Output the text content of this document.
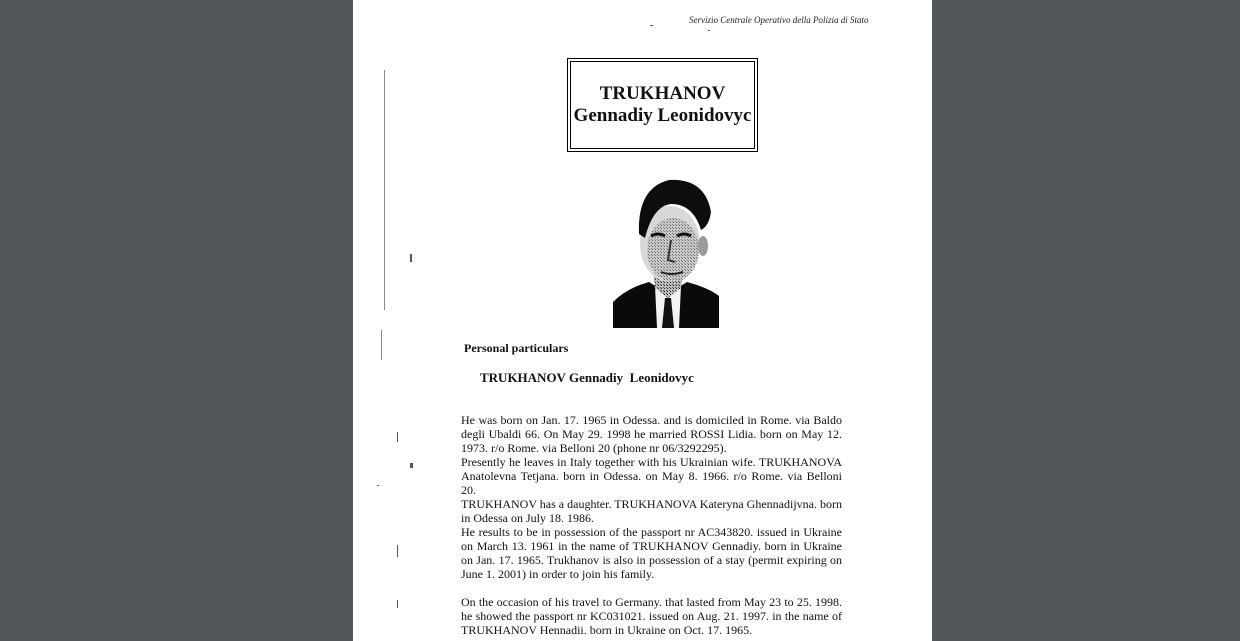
Servizio Centrale Operativo della Polizia di Stato
TRUKHANOV
Gennadiy Leonidovyc
Personal particulars
TRUKHANOV Gennadiy  Leonidovyc

He was born on Jan. 17. 1965 in Odessa. and is domiciled in Rome. via Baldo degli Ubaldi 66. On May 29. 1998 he married ROSSI Lidia. born on May 12. 1973. r/o Rome. via Belloni 20 (phone nr 06/3292295).

Presently he leaves in Italy together with his Ukrainian wife. TRUKHANOVA Anatolevna Tetjana. born in Odessa. on May 8. 1966. r/o Rome. via Belloni 20.

TRUKHANOV has a daughter. TRUKHANOVA Kateryna Ghennadijvna. born in Odessa on July 18. 1986.

He results to be in possession of the passport nr AC343820. issued in Ukraine on March 13. 1961 in the name of TRUKHANOV Gennadiy. born in Ukraine on Jan. 17. 1965. Trukhanov is also in possession of a stay (permit expiring on June 1. 2001) in order to join his family.

On the occasion of his travel to Germany. that lasted from May 23 to 25. 1998. he showed the passport nr KC031021. issued on Aug. 21. 1997. in the name of TRUKHANOV Hennadii. born in Ukraine on Oct. 17. 1965.
